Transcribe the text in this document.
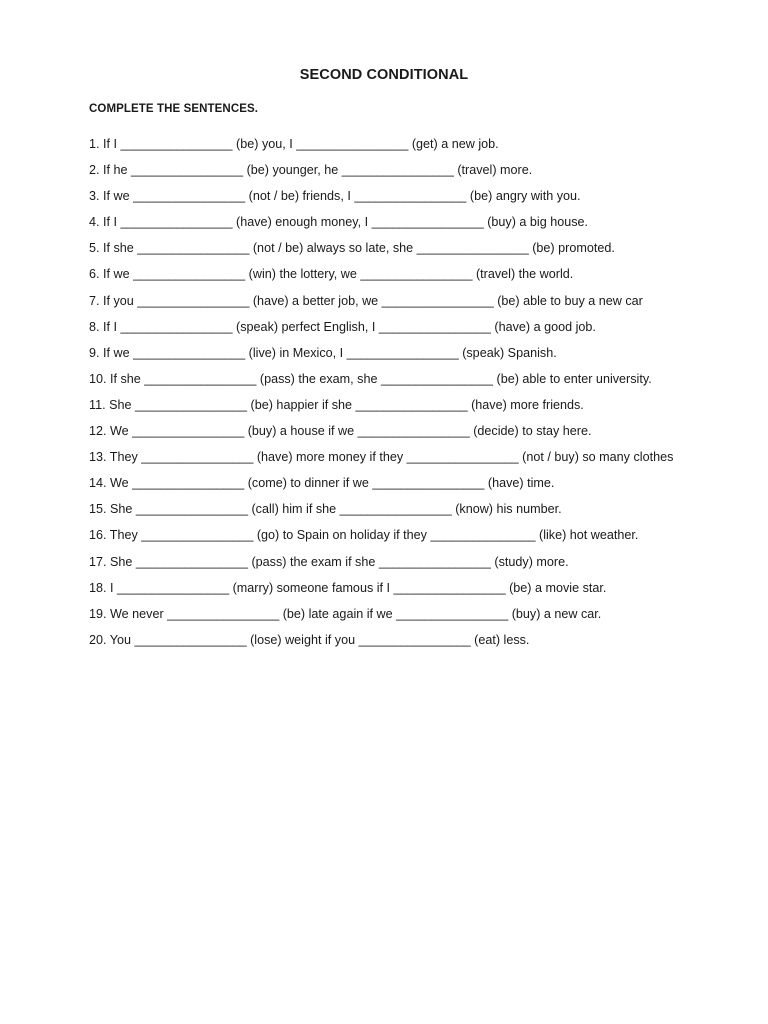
SECOND CONDITIONAL
COMPLETE THE SENTENCES.
1. If I ________________ (be) you, I ________________ (get) a new job.
2. If he ________________ (be) younger, he ________________ (travel) more.
3. If we ________________ (not / be) friends, I ________________ (be) angry with you.
4. If I ________________ (have) enough money, I ________________ (buy) a big house.
5. If she ________________ (not / be) always so late, she ________________ (be) promoted.
6. If we ________________ (win) the lottery, we ________________ (travel) the world.
7. If you ________________ (have) a better job, we ________________ (be) able to buy a new car
8. If I ________________ (speak) perfect English, I ________________ (have) a good job.
9. If we ________________ (live) in Mexico, I ________________ (speak) Spanish.
10. If she ________________ (pass) the exam, she ________________ (be) able to enter university.
11. She ________________ (be) happier if she ________________ (have) more friends.
12. We ________________ (buy) a house if we ________________ (decide) to stay here.
13. They ________________ (have) more money if they ________________ (not / buy) so many clothes
14. We ________________ (come) to dinner if we ________________ (have) time.
15. She ________________ (call) him if she ________________ (know) his number.
16. They ________________ (go) to Spain on holiday if they _______________ (like) hot weather.
17. She ________________ (pass) the exam if she ________________ (study) more.
18. I ________________ (marry) someone famous if I ________________ (be) a movie star.
19. We never ________________ (be) late again if we ________________ (buy) a new car.
20. You ________________ (lose) weight if you ________________ (eat) less.
